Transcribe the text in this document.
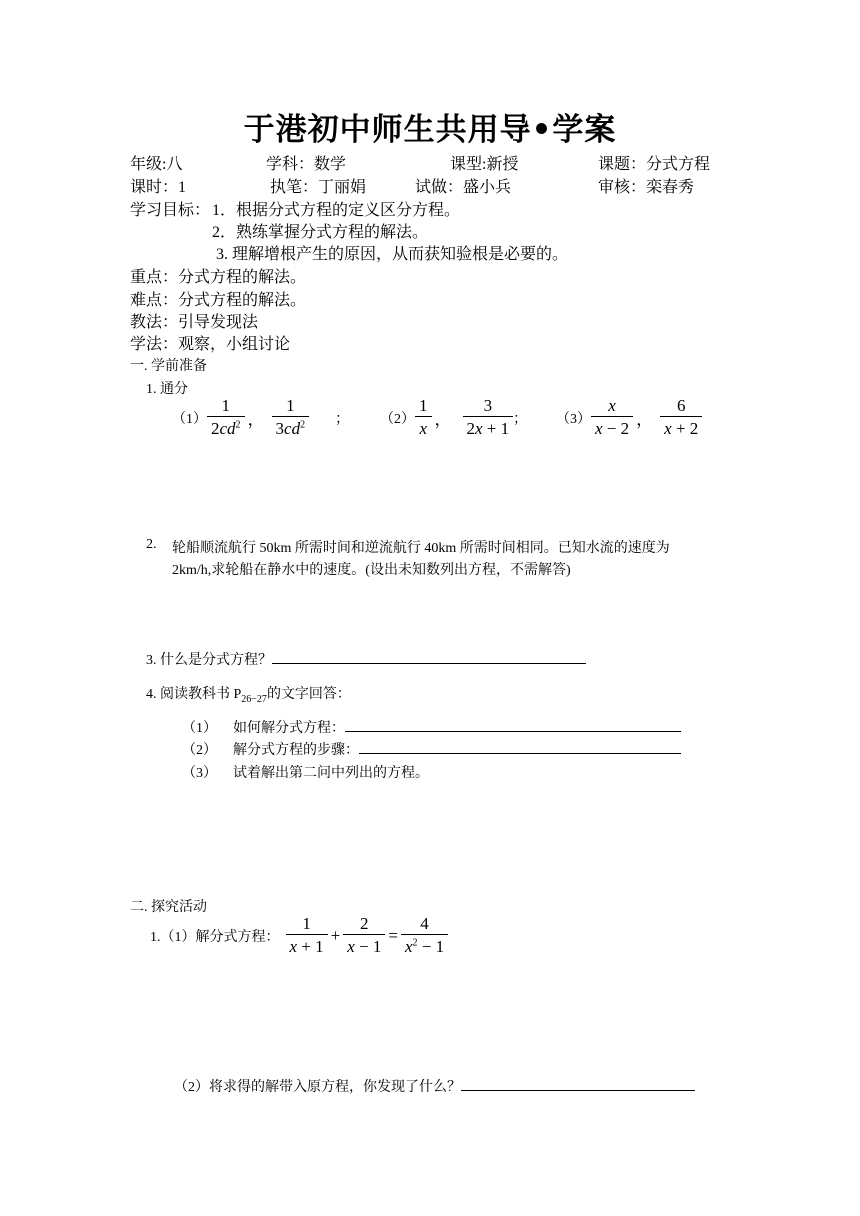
于港初中师生共用导•学案
年级:八	学科：数学	课型:新授	课题：分式方程
课时：1	执笔：丁丽娟	试做：盛小兵	审核：栾春秀
学习目标： 1．根据分式方程的定义区分方程。
2．熟练掌握分式方程的解法。
3. 理解增根产生的原因，从而获知验根是必要的。
重点：分式方程的解法。
难点：分式方程的解法。
教法：引导发现法
学法：观察，小组讨论
一. 学前准备
1. 通分
$(1) \frac{1}{2cd^2}$ ， $\frac{1}{3cd^2}$ ； $(2) \frac{1}{x}$ ， $\frac{3}{2x + 1}$ ； $(3) \frac{x}{x - 2}$ ， $\frac{6}{x + 2}$
2. 轮船顺流航行 50km 所需时间和逆流航行 40km 所需时间相同。已知水流的速度为
2km/h,求轮船在静水中的速度。(设出未知数列出方程，不需解答)
3. 什么是分式方程？
4. 阅读教科书 $P_{26-27}$的文字回答：
（1） 如何解分式方程：
（2） 解分式方程的步骤：
（3） 试着解出第二问中列出的方程。
二. 探究活动
1.（1）解分式方程： $\frac{1}{x + 1} + \frac{2}{x - 1} = \frac{4}{x^2 - 1}$
（2）将求得的解带入原方程，你发现了什么？
